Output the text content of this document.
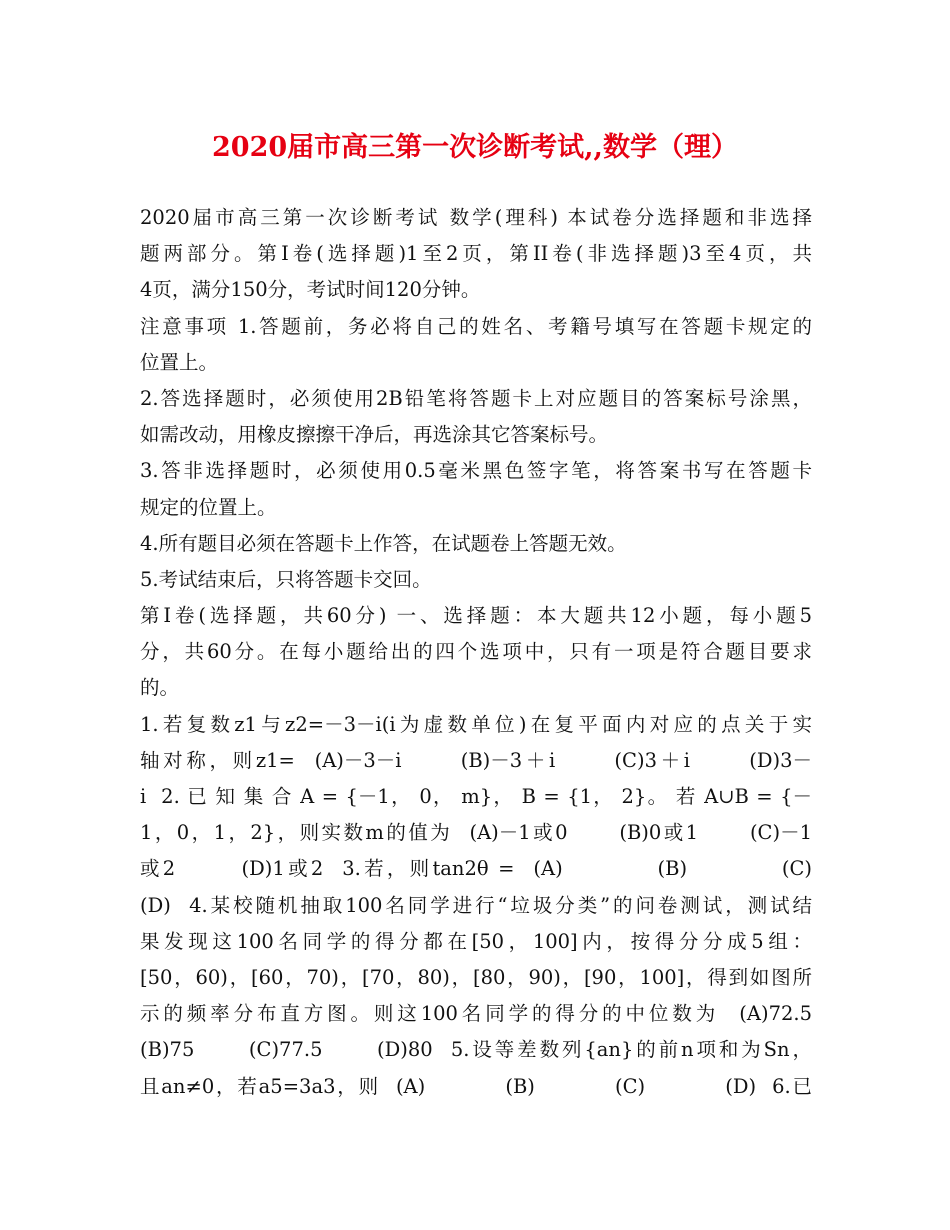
2020届市高三第一次诊断考试,,数学（理）
2020届市高三第一次诊断考试 数学(理科) 本试卷分选择题和非选择
题两部分。第I卷(选择题)1至2页，第II卷(非选择题)3至4页，共
4页，满分150分，考试时间120分钟。
注意事项 1.答题前，务必将自己的姓名、考籍号填写在答题卡规定的
位置上。
2.答选择题时，必须使用2B铅笔将答题卡上对应题目的答案标号涂黑，
如需改动，用橡皮擦擦干净后，再选涂其它答案标号。
3.答非选择题时，必须使用0.5毫米黑色签字笔，将答案书写在答题卡
规定的位置上。
4.所有题目必须在答题卡上作答，在试题卷上答题无效。
5.考试结束后，只将答题卡交回。
第I卷(选择题，共60分) 一、选择题：本大题共12小题，每小题5
分，共60分。在每小题给出的四个选项中，只有一项是符合题目要求
的。
1.若复数z1与z2=－3－i(i为虚数单位)在复平面内对应的点关于实
轴对称，则z1=  (A)－3－i      (B)－3＋i      (C)3＋i      (D)3－
i  2. 已 知 集 合 A = {－1， 0， m}， B = {1， 2}。 若 A∪B = {－
1，0，1，2}，则实数m的值为  (A)－1或0      (B)0或1      (C)－1
或2       (D)1或2  3.若，则tan2θ =  (A)          (B)          (C)
(D)  4.某校随机抽取100名同学进行“垃圾分类”的问卷测试，测试结
果发现这100名同学的得分都在[50，100]内，按得分分成5组：
[50，60)，[60，70)，[70，80)，[80，90)，[90，100]，得到如图所
示的频率分布直方图。则这100名同学的得分的中位数为  (A)72.5
(B)75      (C)77.5      (D)80  5.设等差数列{an}的前n项和为Sn，
且an≠0，若a5=3a3，则  (A)          (B)          (C)          (D)  6.已
